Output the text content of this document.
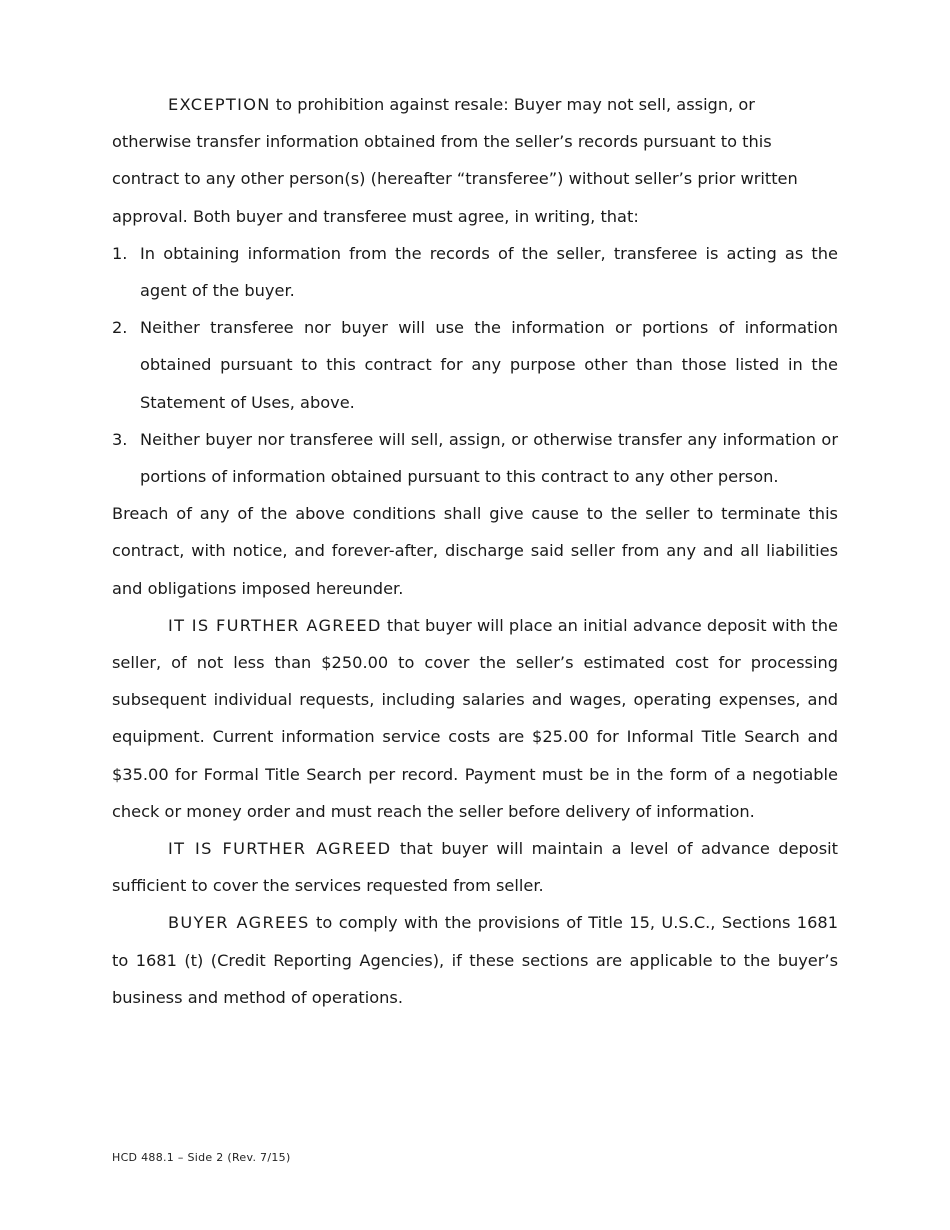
EXCEPTION to prohibition against resale: Buyer may not sell, assign, or otherwise transfer information obtained from the seller’s records pursuant to this contract to any other person(s) (hereafter “transferee”) without seller’s prior written approval. Both buyer and transferee must agree, in writing, that:

1. In obtaining information from the records of the seller, transferee is acting as the agent of the buyer.
2. Neither transferee nor buyer will use the information or portions of information obtained pursuant to this contract for any purpose other than those listed in the Statement of Uses, above.
3. Neither buyer nor transferee will sell, assign, or otherwise transfer any information or portions of information obtained pursuant to this contract to any other person.

Breach of any of the above conditions shall give cause to the seller to terminate this contract, with notice, and forever-after, discharge said seller from any and all liabilities and obligations imposed hereunder.

IT IS FURTHER AGREED that buyer will place an initial advance deposit with the seller, of not less than $250.00 to cover the seller’s estimated cost for processing subsequent individual requests, including salaries and wages, operating expenses, and equipment. Current information service costs are $25.00 for Informal Title Search and $35.00 for Formal Title Search per record. Payment must be in the form of a negotiable check or money order and must reach the seller before delivery of information.

IT IS FURTHER AGREED that buyer will maintain a level of advance deposit sufficient to cover the services requested from seller.

BUYER AGREES to comply with the provisions of Title 15, U.S.C., Sections 1681 to 1681 (t) (Credit Reporting Agencies), if these sections are applicable to the buyer’s business and method of operations.

HCD 488.1 – Side 2 (Rev. 7/15)
